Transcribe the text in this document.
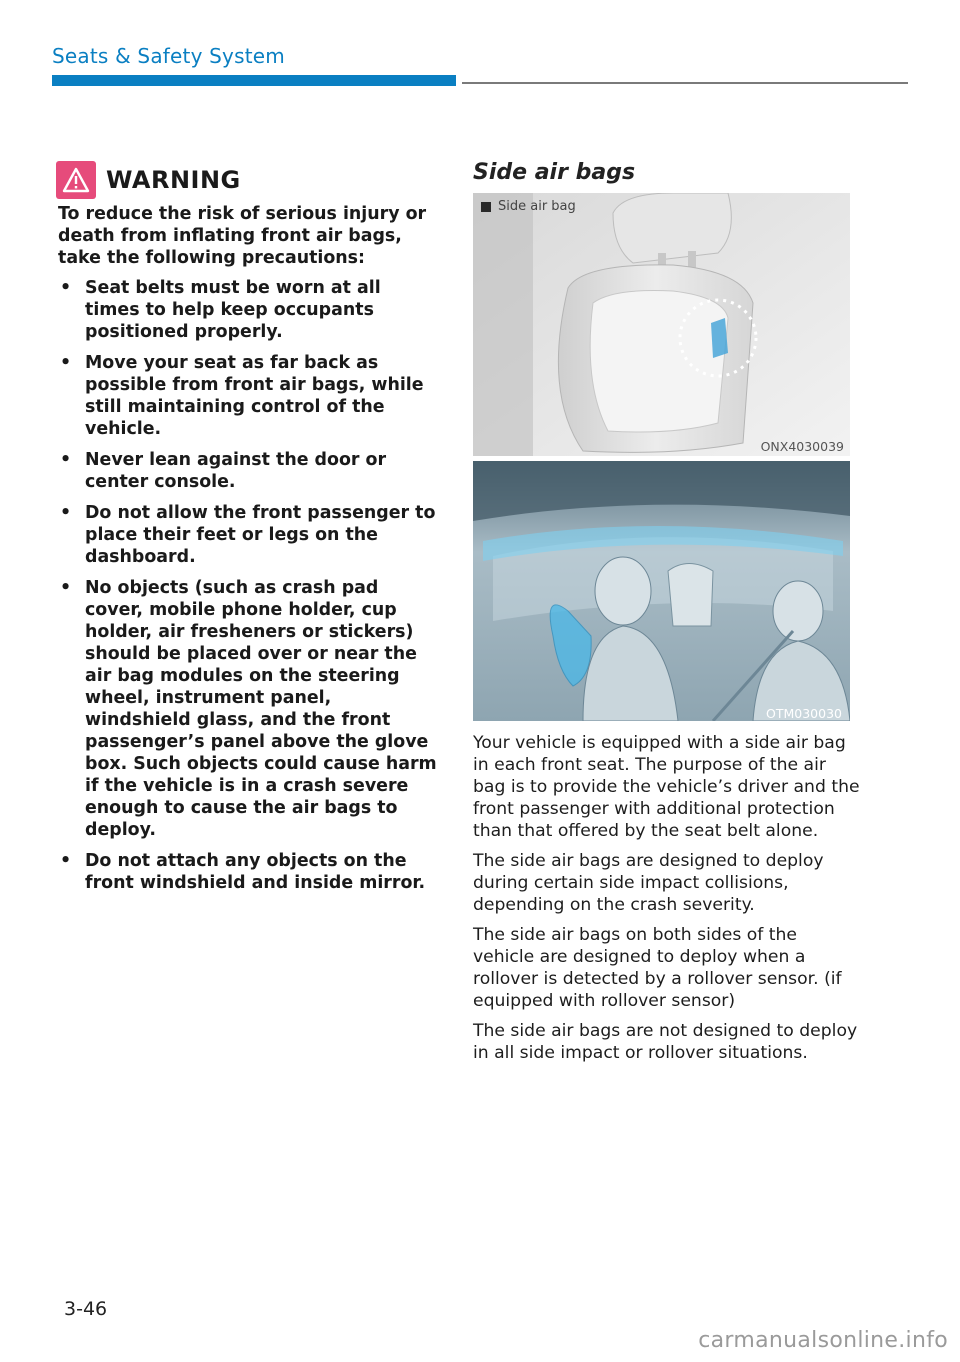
Seats & Safety System
WARNING

To reduce the risk of serious injury or death from inflating front air bags, take the following precautions:

• Seat belts must be worn at all times to help keep occupants positioned properly.
• Move your seat as far back as possible from front air bags, while still maintaining control of the vehicle.
• Never lean against the door or center console.
• Do not allow the front passenger to place their feet or legs on the dashboard.
• No objects (such as crash pad cover, mobile phone holder, cup holder, air fresheners or stickers) should be placed over or near the air bag modules on the steering wheel, instrument panel, windshield glass, and the front passenger’s panel above the glove box. Such objects could cause harm if the vehicle is in a crash severe enough to cause the air bags to deploy.
• Do not attach any objects on the front windshield and inside mirror.
Side air bags
Side air bag
ONX4030039
OTM030030

Your vehicle is equipped with a side air bag in each front seat. The purpose of the air bag is to provide the vehicle’s driver and the front passenger with additional protection than that offered by the seat belt alone.

The side air bags are designed to deploy during certain side impact collisions, depending on the crash severity.

The side air bags on both sides of the vehicle are designed to deploy when a rollover is detected by a rollover sensor. (if equipped with rollover sensor)

The side air bags are not designed to deploy in all side impact or rollover situations.

3-46
carmanualsonline.info
